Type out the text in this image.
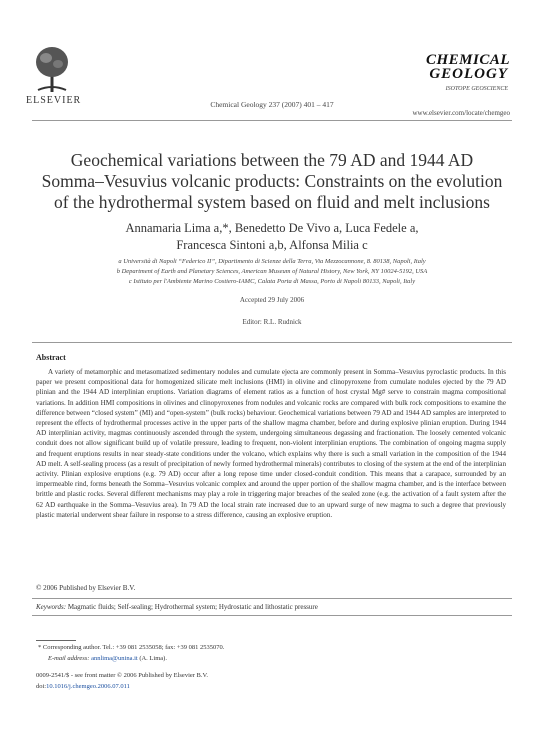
ELSEVIER	Chemical Geology 237 (2007) 401 – 417
CHEMICAL
GEOLOGY
ISOTOPE GEOSCIENCE
www.elsevier.com/locate/chemgeo
Geochemical variations between the 79 AD and 1944 AD
Somma–Vesuvius volcanic products: Constraints on the evolution
of the hydrothermal system based on fluid and melt inclusions
Annamaria Lima a,*, Benedetto De Vivo a, Luca Fedele a,
Francesca Sintoni a,b, Alfonsa Milia c
a Università di Napoli “Federico II”, Dipartimento di Scienze della Terra, Via Mezzocannone, 8. 80138, Napoli, Italy
b Department of Earth and Planetary Sciences, American Museum of Natural History, New York, NY 10024-5192, USA
c Istituto per l'Ambiente Marino Costiero-IAMC, Calata Porta di Massa, Porto di Napoli 80133, Napoli, Italy
Accepted 29 July 2006
Editor: R.L. Rudnick
Abstract
A variety of metamorphic and metasomatized sedimentary nodules and cumulate ejecta are commonly present in Somma–Vesuvius pyroclastic products. In this paper we present compositional data for homogenized silicate melt inclusions (HMI) in olivine and clinopyroxene from cumulate nodules ejected by the 79 AD plinian and the 1944 AD interplinian eruptions. Variation diagrams of element ratios as a function of host crystal Mg# serve to constrain magma compositional variations. In addition HMI compositions in olivines and clinopyroxenes from nodules and volcanic rocks are compared with bulk rock compositions to examine the difference between “closed system” (MI) and “open-system” (bulk rocks) behaviour. Geochemical variations between 79 AD and 1944 AD samples are interpreted to represent the effects of hydrothermal processes active in the upper parts of the shallow magma chamber, before and during explosive plinian eruption. During 1944 AD interplinian activity, magmas continuously ascended through the system, undergoing simultaneous degassing and fractionation. The loosely cemented volcanic conduit does not allow significant build up of volatile pressure, leading to frequent, non-violent interplinian eruptions. The combination of ongoing magma supply and frequent eruptions results in near steady-state conditions under the volcano, which explains why there is such a small variation in the composition of the 1944 AD melt. A self-sealing process (as a result of precipitation of newly formed hydrothermal minerals) contributes to closing of the system at the end of the interplinian activity. Plinian explosive eruptions (e.g. 79 AD) occur after a long repose time under closed-conduit condition. This means that a carapace, surrounded by an impermeable rind, forms beneath the Somma–Vesuvius volcanic complex and around the upper portion of the shallow magma chamber, and is the interface between brittle and plastic rocks. Several different mechanisms may play a role in triggering major breaches of the sealed zone (e.g. the activation of a fault system after the 62 AD earthquake in the Somma–Vesuvius area). In 79 AD the local strain rate increased due to an upward surge of new magma to such a degree that previously plastic material underwent shear failure in response to a stress difference, causing an explosive eruption.
© 2006 Published by Elsevier B.V.
Keywords: Magmatic fluids; Self-sealing; Hydrothermal system; Hydrostatic and lithostatic pressure
* Corresponding author. Tel.: +39 081 2535058; fax: +39 081 2535070.
E-mail address: annlima@unina.it (A. Lima).
0009-2541/$ - see front matter © 2006 Published by Elsevier B.V.
doi:10.1016/j.chemgeo.2006.07.011
